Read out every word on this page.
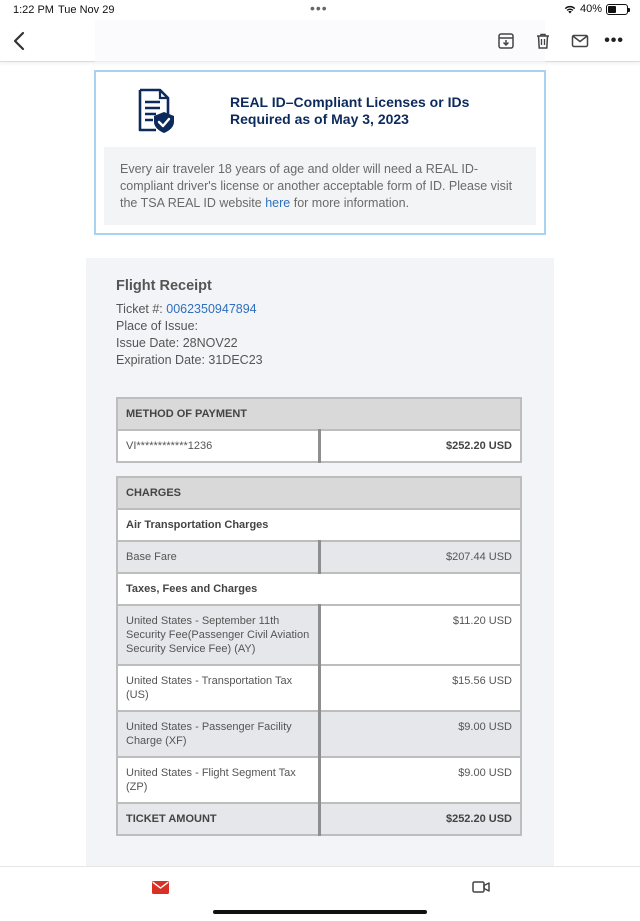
1:22 PM Tue Nov 29	•••	40%
•••
REAL ID–Compliant Licenses or IDs
Required as of May 3, 2023
Every air traveler 18 years of age and older will need a REAL ID-compliant driver's license or another acceptable form of ID. Please visit the TSA REAL ID website here for more information.
Flight Receipt
Ticket #: 0062350947894
Place of Issue:
Issue Date: 28NOV22
Expiration Date: 31DEC23
METHOD OF PAYMENT
VI************1236	$252.20 USD
CHARGES	
Air Transportation Charges	
Base Fare	$207.44 USD
Taxes, Fees and Charges	
United States - September 11th Security Fee(Passenger Civil Aviation Security Service Fee) (AY)	$11.20 USD
United States - Transportation Tax (US)	$15.56 USD
United States - Passenger Facility Charge (XF)	$9.00 USD
United States - Flight Segment Tax (ZP)	$9.00 USD
TICKET AMOUNT	$252.20 USD
